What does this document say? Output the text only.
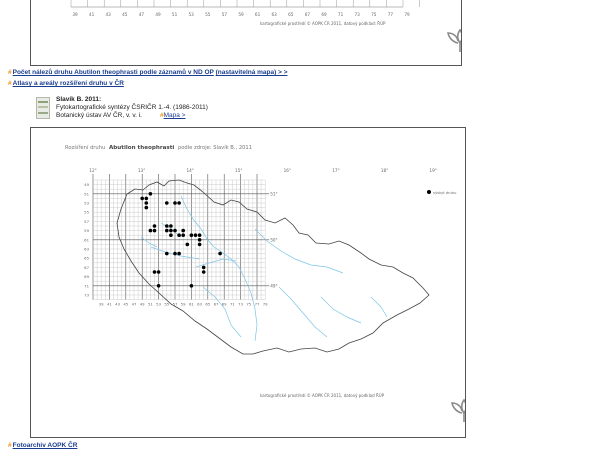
39	41	43	45	47	49	51	53	55	57	59	61	63	65	67	69	71	73	75	77	79
kartografické prostředí © AOPK ČR 2011, datový podklad: ŘÚP
#Počet nálezů druhu Abutilon theophrasti podle záznamů v ND OP (nastavitelná mapa) > >
#Atlasy a areály rozšíření druhu v ČR
Slavík B. 2011:
Fytokartografické syntézy ČSRIČR 1.-4. (1986-2011)
Botanický ústav AV ČR, v. v. i.	#Mapa >
Rozšíření druhu Abutilon theophrasti podle zdroje: Slavík B., 2011
12°	13°	14°	15°	16°	17°	18°	19°
51°
50°
49°
49
51
53
55
57
59
61
63
65
67
69
71
73
39 41 43 45 47 49 51 53 55 57 59 61 63 65 67 69 71 73 75 77 79
výskyt druhu
kartografické prostředí © AOPK ČR 2011, datový podklad ŘÚP
#Fotoarchiv AOPK ČR
